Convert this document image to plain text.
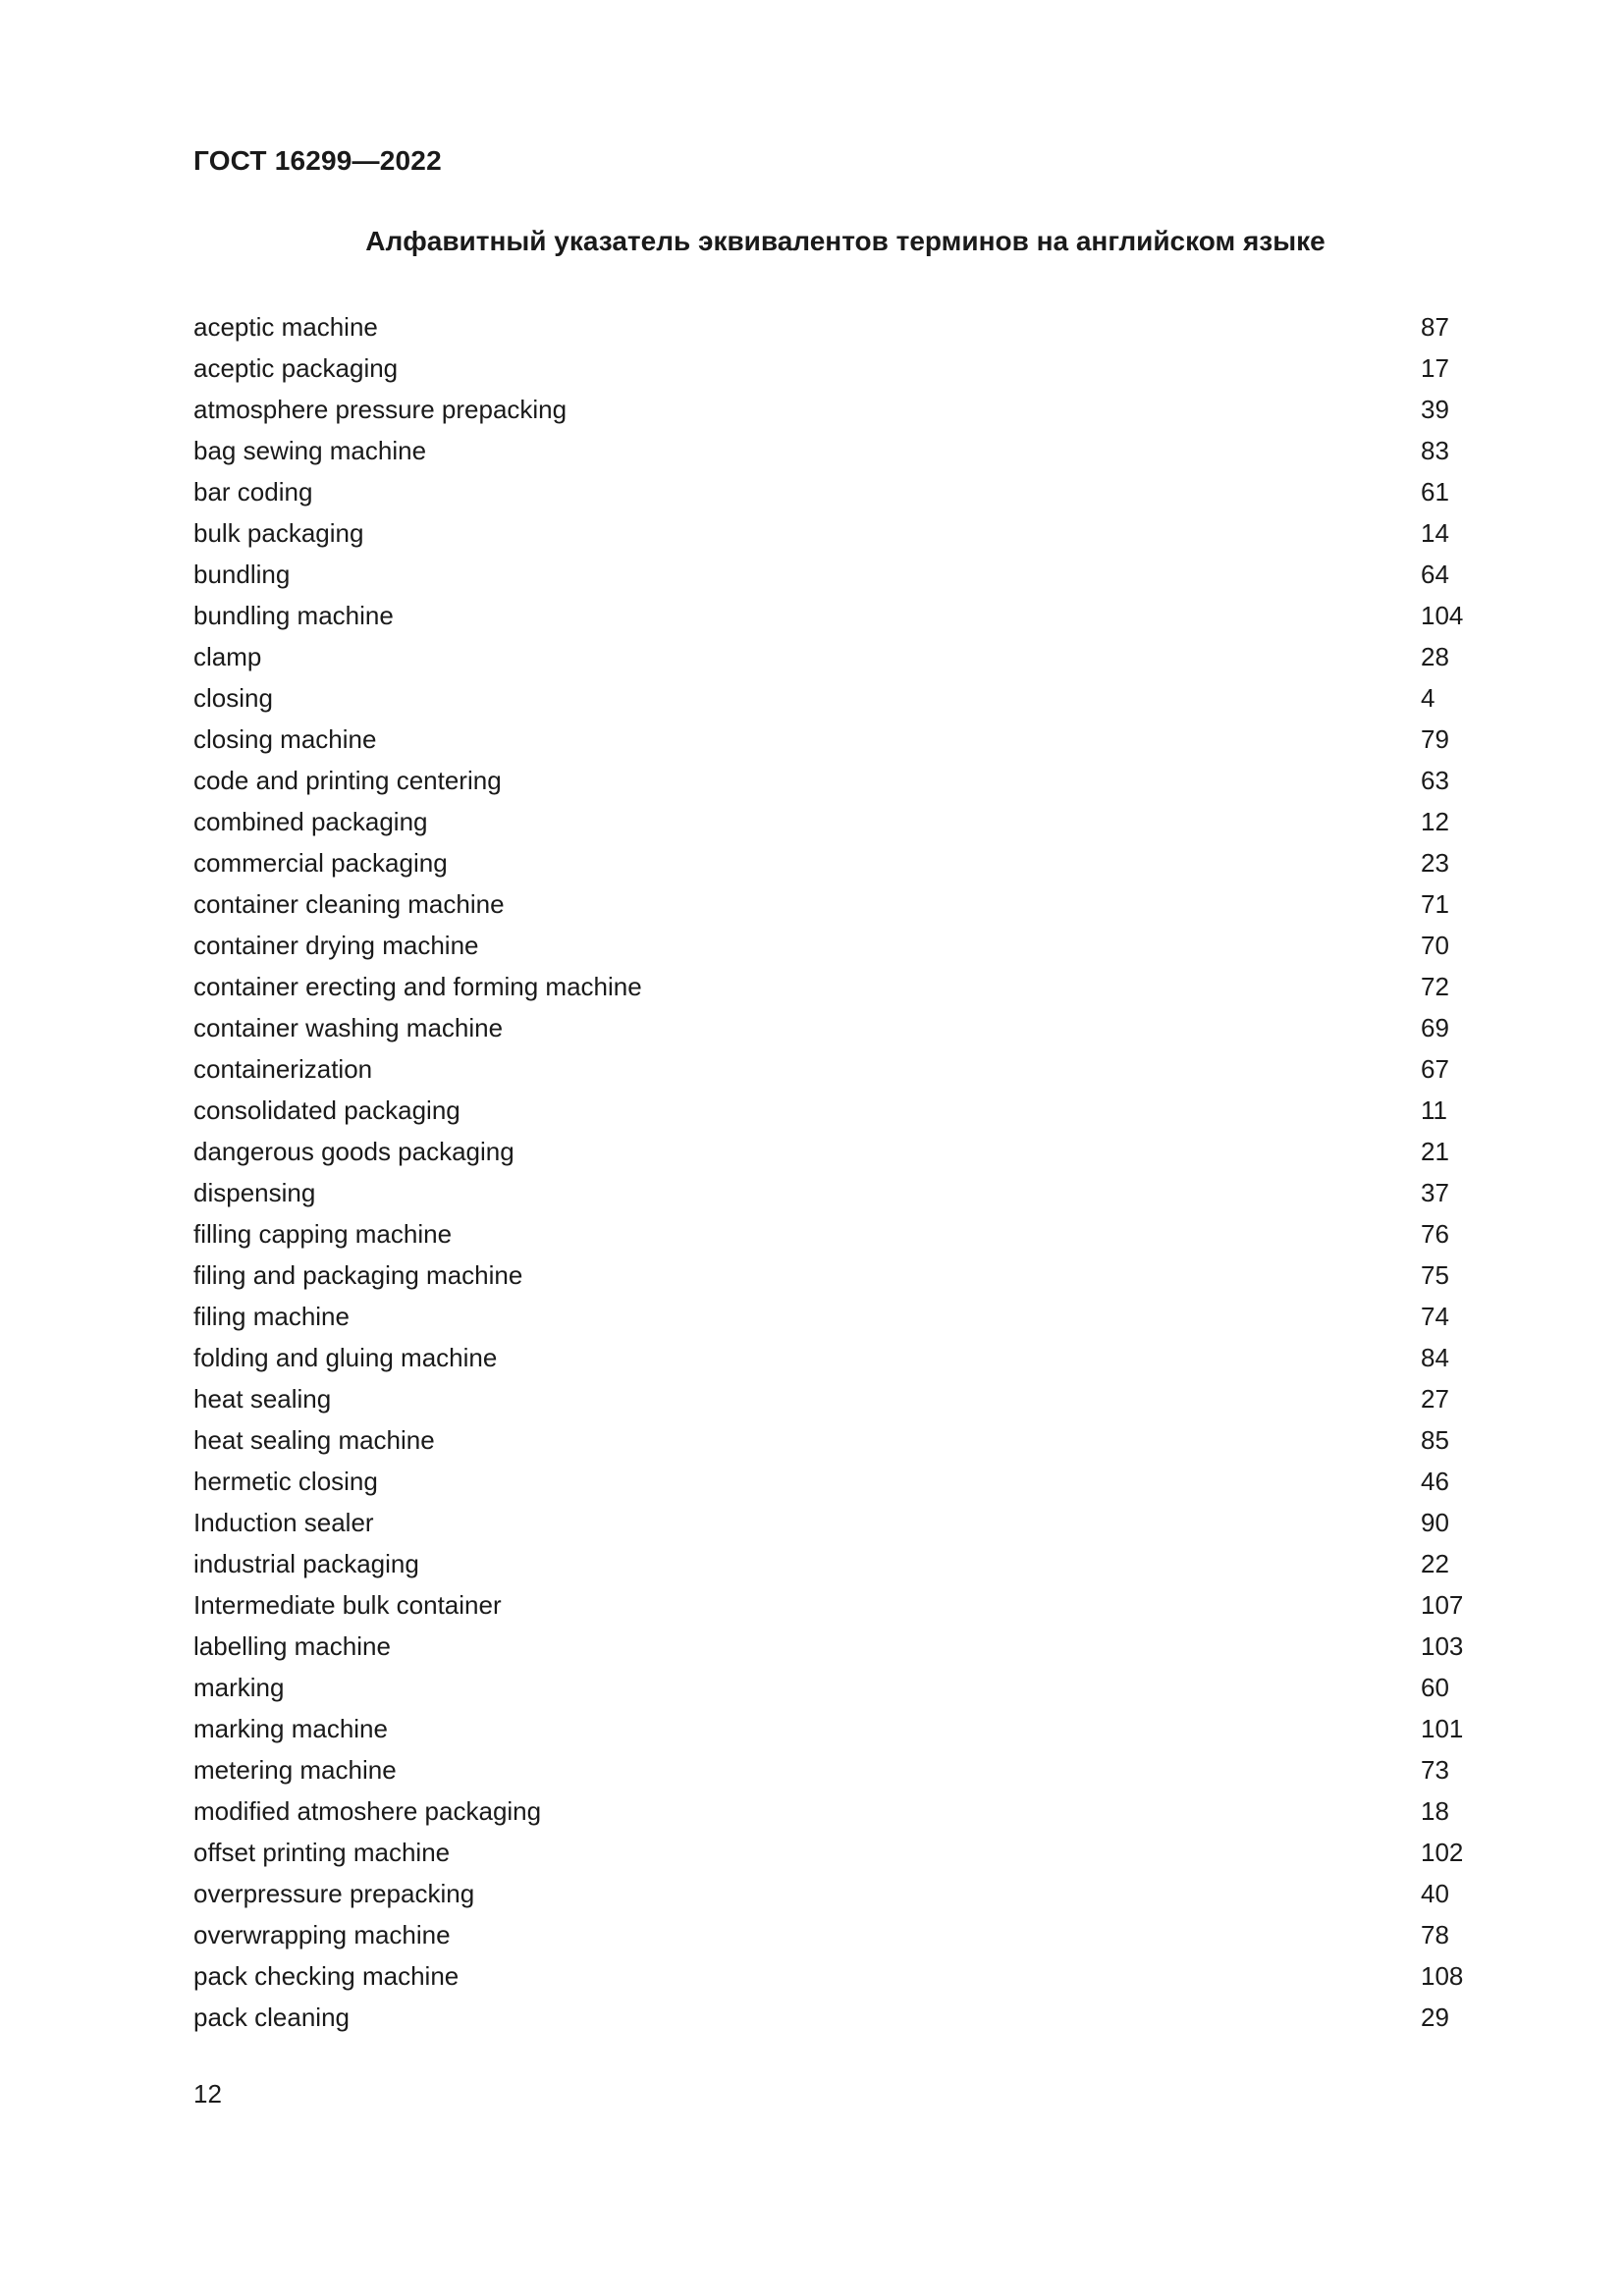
ГОСТ 16299—2022
Алфавитный указатель эквивалентов терминов на английском языке
aceptic machine	87
aceptic packaging	17
atmosphere pressure prepacking	39
bag sewing machine	83
bar coding	61
bulk packaging	14
bundling	64
bundling machine	104
clamp	28
closing	4
closing machine	79
code and printing centering	63
combined packaging	12
commercial packaging	23
container cleaning machine	71
container drying machine	70
container erecting and forming machine	72
container washing machine	69
containerization	67
consolidated packaging	11
dangerous goods packaging	21
dispensing	37
filling capping machine	76
filing and packaging machine	75
filing machine	74
folding and gluing machine	84
heat sealing	27
heat sealing machine	85
hermetic closing	46
Induction sealer	90
industrial packaging	22
Intermediate bulk container	107
labelling machine	103
marking	60
marking machine	101
metering machine	73
modified atmoshere packaging	18
offset printing machine	102
overpressure prepacking	40
overwrapping machine	78
pack checking machine	108
pack cleaning	29
12
